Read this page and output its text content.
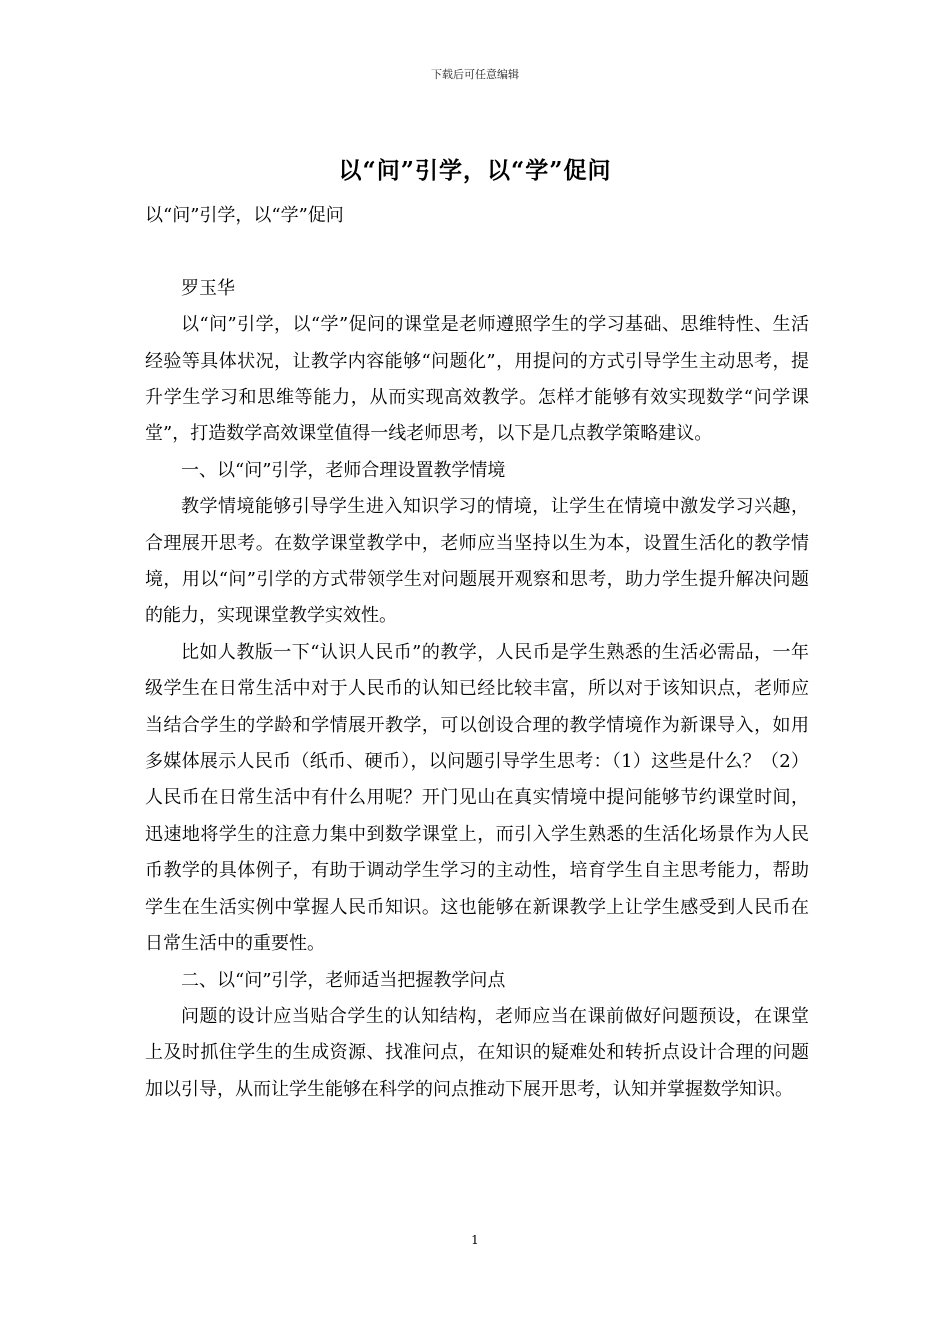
下载后可任意编辑
以“问”引学，以“学”促问

以“问”引学，以“学”促问

罗玉华

以“问”引学，以“学”促问的课堂是老师遵照学生的学习基础、思维特性、生活经验等具体状况，让教学内容能够“问题化”，用提问的方式引导学生主动思考，提升学生学习和思维等能力，从而实现高效教学。怎样才能够有效实现数学“问学课堂”，打造数学高效课堂值得一线老师思考，以下是几点教学策略建议。

一、以“问”引学，老师合理设置教学情境

教学情境能够引导学生进入知识学习的情境，让学生在情境中激发学习兴趣，合理展开思考。在数学课堂教学中，老师应当坚持以生为本，设置生活化的教学情境，用以“问”引学的方式带领学生对问题展开观察和思考，助力学生提升解决问题的能力，实现课堂教学实效性。

比如人教版一下“认识人民币”的教学，人民币是学生熟悉的生活必需品，一年级学生在日常生活中对于人民币的认知已经比较丰富，所以对于该知识点，老师应当结合学生的学龄和学情展开教学，可以创设合理的教学情境作为新课导入，如用多媒体展示人民币（纸币、硬币），以问题引导学生思考：（1）这些是什么？（2）人民币在日常生活中有什么用呢？开门见山在真实情境中提问能够节约课堂时间，迅速地将学生的注意力集中到数学课堂上，而引入学生熟悉的生活化场景作为人民币教学的具体例子，有助于调动学生学习的主动性，培育学生自主思考能力，帮助学生在生活实例中掌握人民币知识。这也能够在新课教学上让学生感受到人民币在日常生活中的重要性。

二、以“问”引学，老师适当把握教学问点

问题的设计应当贴合学生的认知结构，老师应当在课前做好问题预设，在课堂上及时抓住学生的生成资源、找准问点，在知识的疑难处和转折点设计合理的问题加以引导，从而让学生能够在科学的问点推动下展开思考，认知并掌握数学知识。

1
